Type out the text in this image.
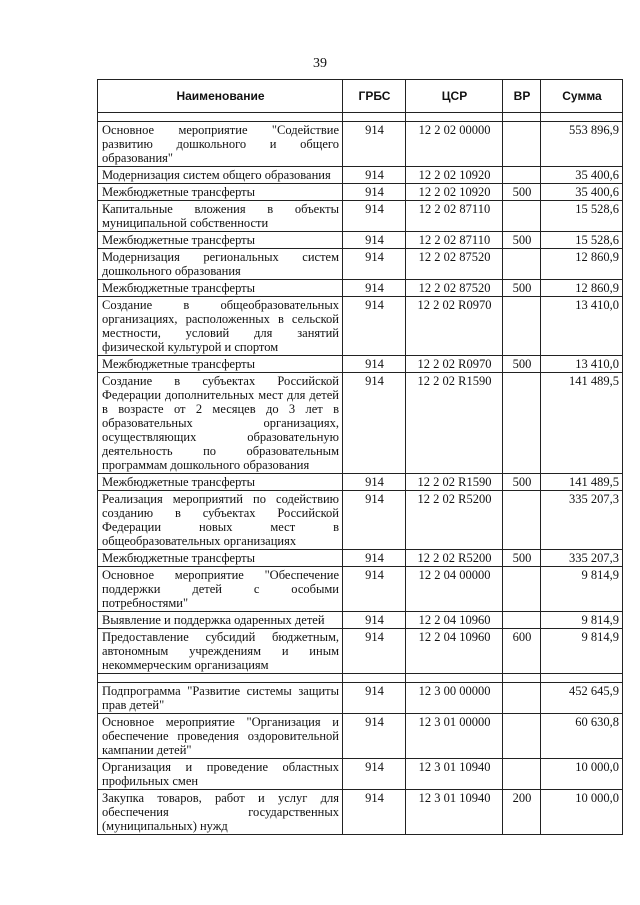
39
Наименование	ГРБС	ЦСР	ВР	Сумма

Основное мероприятие "Содействие развитию дошкольного и общего образования"	914	12 2 02 00000		553 896,9
Модернизация систем общего образования	914	12 2 02 10920		35 400,6
Межбюджетные трансферты	914	12 2 02 10920	500	35 400,6
Капитальные вложения в объекты муниципальной собственности	914	12 2 02 87110		15 528,6
Межбюджетные трансферты	914	12 2 02 87110	500	15 528,6
Модернизация региональных систем дошкольного образования	914	12 2 02 87520		12 860,9
Межбюджетные трансферты	914	12 2 02 87520	500	12 860,9
Создание в общеобразовательных организациях, расположенных в сельской местности, условий для занятий физической культурой и спортом	914	12 2 02 R0970		13 410,0
Межбюджетные трансферты	914	12 2 02 R0970	500	13 410,0
Создание в субъектах Российской Федерации дополнительных мест для детей в возрасте от 2 месяцев до 3 лет в образовательных организациях, осуществляющих образовательную деятельность по образовательным программам дошкольного образования	914	12 2 02 R1590		141 489,5
Межбюджетные трансферты	914	12 2 02 R1590	500	141 489,5
Реализация мероприятий по содействию созданию в субъектах Российской Федерации новых мест в общеобразовательных организациях	914	12 2 02 R5200		335 207,3
Межбюджетные трансферты	914	12 2 02 R5200	500	335 207,3
Основное мероприятие "Обеспечение поддержки детей с особыми потребностями"	914	12 2 04 00000		9 814,9
Выявление и поддержка одаренных детей	914	12 2 04 10960		9 814,9
Предоставление субсидий бюджетным, автономным учреждениям и иным некоммерческим организациям	914	12 2 04 10960	600	9 814,9

Подпрограмма "Развитие системы защиты прав детей"	914	12 3 00 00000		452 645,9
Основное мероприятие "Организация и обеспечение проведения оздоровительной кампании детей"	914	12 3 01 00000		60 630,8
Организация и проведение областных профильных смен	914	12 3 01 10940		10 000,0
Закупка товаров, работ и услуг для обеспечения государственных (муниципальных) нужд	914	12 3 01 10940	200	10 000,0
